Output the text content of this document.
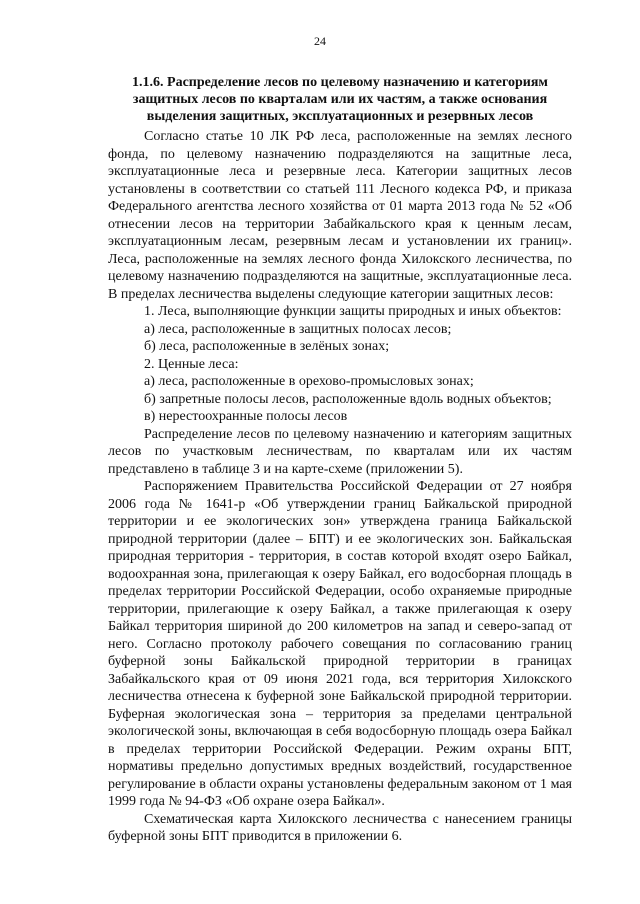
24
1.1.6. Распределение лесов по целевому назначению и категориям защитных лесов по кварталам или их частям, а также основания выделения защитных, эксплуатационных и резервных лесов

Согласно статье 10 ЛК РФ леса, расположенные на землях лесного фонда, по целевому назначению подразделяются на защитные леса, эксплуатационные леса и резервные леса. Категории защитных лесов установлены в соответствии со статьей 111 Лесного кодекса РФ, и приказа Федерального агентства лесного хозяйства от 01 марта 2013 года № 52 «Об отнесении лесов на территории Забайкальского края к ценным лесам, эксплуатационным лесам, резервным лесам и установлении их границ». Леса, расположенные на землях лесного фонда Хилокского лесничества, по целевому назначению подразделяются на защитные, эксплуатационные леса. В пределах лесничества выделены следующие категории защитных лесов:

1. Леса, выполняющие функции защиты природных и иных объектов:

а) леса, расположенные в защитных полосах лесов;

б) леса, расположенные в зелёных зонах;

2. Ценные леса:

а) леса, расположенные в орехово-промысловых зонах;

б) запретные полосы лесов, расположенные вдоль водных объектов;

в) нерестоохранные полосы лесов

Распределение лесов по целевому назначению и категориям защитных лесов по участковым лесничествам, по кварталам или их частям представлено в таблице 3 и на карте-схеме (приложении 5).

Распоряжением Правительства Российской Федерации от 27 ноября 2006 года № 1641-р «Об утверждении границ Байкальской природной территории и ее экологических зон» утверждена граница Байкальской природной территории (далее – БПТ) и ее экологических зон. Байкальская природная территория - территория, в состав которой входят озеро Байкал, водоохранная зона, прилегающая к озеру Байкал, его водосборная площадь в пределах территории Российской Федерации, особо охраняемые природные территории, прилегающие к озеру Байкал, а также прилегающая к озеру Байкал территория шириной до 200 километров на запад и северо-запад от него. Согласно протоколу рабочего совещания по согласованию границ буферной зоны Байкальской природной территории в границах Забайкальского края от 09 июня 2021 года, вся территория Хилокского лесничества отнесена к буферной зоне Байкальской природной территории. Буферная экологическая зона – территория за пределами центральной экологической зоны, включающая в себя водосборную площадь озера Байкал в пределах территории Российской Федерации. Режим охраны БПТ, нормативы предельно допустимых вредных воздействий, государственное регулирование в области охраны установлены федеральным законом от 1 мая 1999 года № 94-ФЗ «Об охране озера Байкал».

Схематическая карта Хилокского лесничества с нанесением границы буферной зоны БПТ приводится в приложении 6.
